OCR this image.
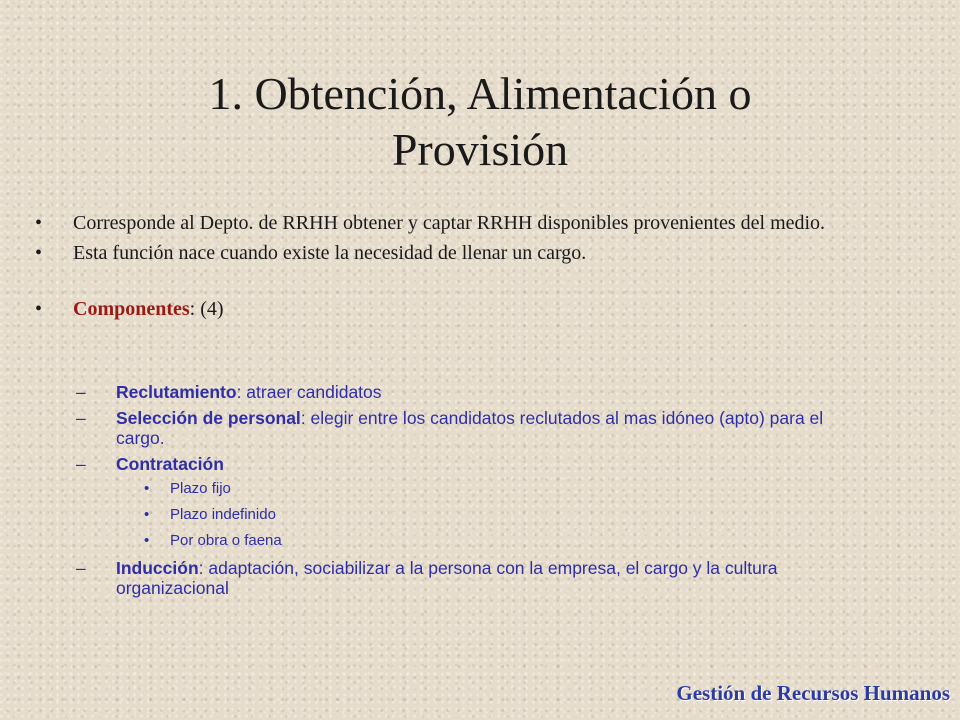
1. Obtención, Alimentación o
Provisión
• Corresponde al Depto. de RRHH obtener y captar RRHH disponibles provenientes del medio.
• Esta función nace cuando existe la necesidad de llenar un cargo.
• Componentes: (4)
– Reclutamiento: atraer candidatos
– Selección de personal: elegir entre los candidatos reclutados al mas idóneo (apto) para el cargo.
– Contratación
• Plazo fijo
• Plazo indefinido
• Por obra o faena
– Inducción: adaptación, sociabilizar a la persona con la empresa, el cargo y la cultura organizacional
Gestión de Recursos Humanos
